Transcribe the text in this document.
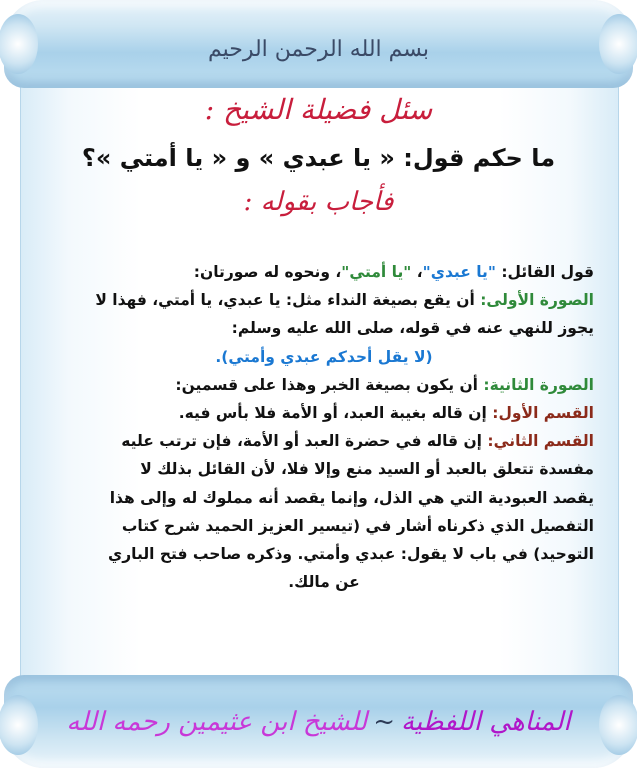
بسم الله الرحمن الرحيم
سئل فضيلة الشيخ :
ما حكم قول: « يا عبدي » و « يا أمتي »؟
فأجاب بقوله :
قول القائل: "يا عبدي"، "يا أمتي"، ونحوه له صورتان:
الصورة الأولى: أن يقع بصيغة النداء مثل: يا عبدي، يا أمتي، فهذا لا
يجوز للنهي عنه في قوله، صلى الله عليه وسلم:
(لا يقل أحدكم عبدي وأمتي).
الصورة الثانية: أن يكون بصيغة الخبر وهذا على قسمين:
القسم الأول: إن قاله بغيبة العبد، أو الأمة فلا بأس فيه.
القسم الثاني: إن قاله في حضرة العبد أو الأمة، فإن ترتب عليه
مفسدة تتعلق بالعبد أو السيد منع وإلا فلا، لأن القائل بذلك لا
يقصد العبودية التي هي الذل، وإنما يقصد أنه مملوك له وإلى هذا
التفصيل الذي ذكرناه أشار في (تيسير العزيز الحميد شرح كتاب
التوحيد) في باب لا يقول: عبدي وأمتي. وذكره صاحب فتح الباري
عن مالك.
المناهي اللفظية~للشيخ ابن عثيمين رحمه الله
